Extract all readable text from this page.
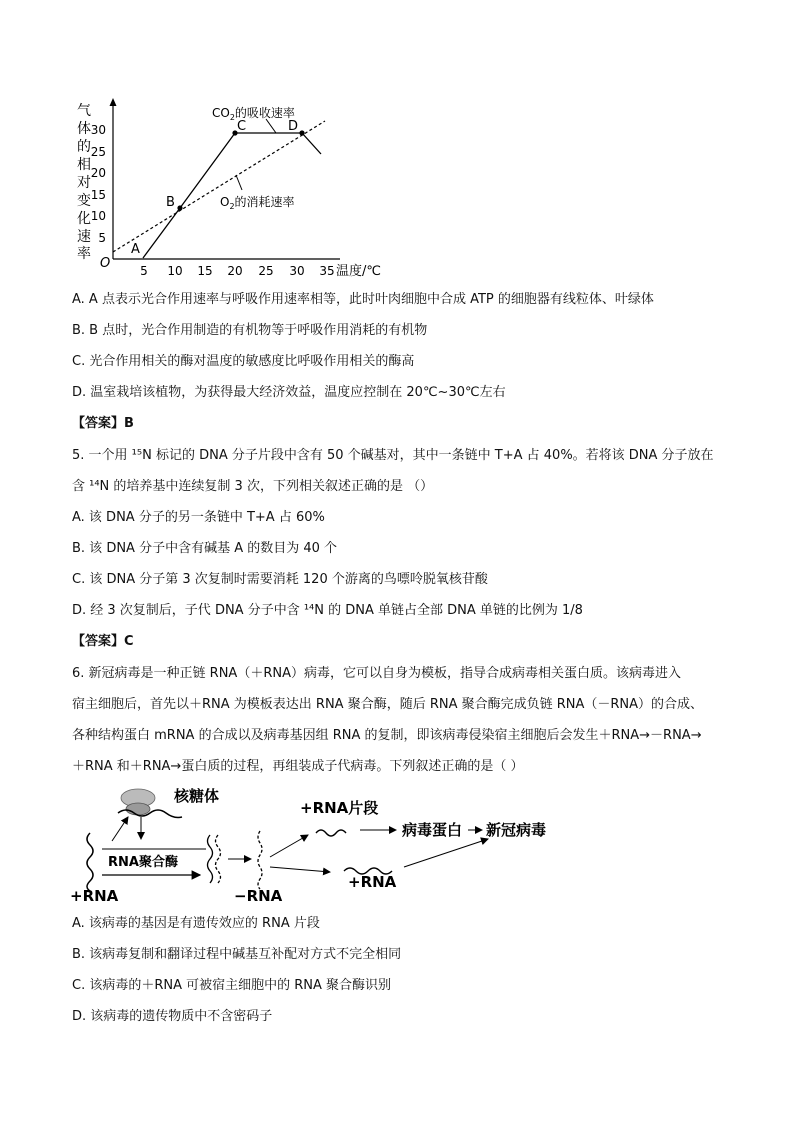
气
体
的
相
对
变
化
速
率
30
25
20
15
10
5
O 5 10 15 20 25 30 35 温度/℃
A
B
C	D
$CO_2$的吸收速率
$O_2$的消耗速率
A. A 点表示光合作用速率与呼吸作用速率相等，此时叶肉细胞中合成 ATP 的细胞器有线粒体、叶绿体
B. B 点时，光合作用制造的有机物等于呼吸作用消耗的有机物
C. 光合作用相关的酶对温度的敏感度比呼吸作用相关的酶高
D. 温室栽培该植物，为获得最大经济效益，温度应控制在 20℃~30℃左右
【答案】B
5. 一个用 ¹⁵N 标记的 DNA 分子片段中含有 50 个碱基对，其中一条链中 T+A 占 40%。若将该 DNA 分子放在
含 ¹⁴N 的培养基中连续复制 3 次，下列相关叙述正确的是 （）
A. 该 DNA 分子的另一条链中 T+A 占 60%
B. 该 DNA 分子中含有碱基 A 的数目为 40 个
C. 该 DNA 分子第 3 次复制时需要消耗 120 个游离的鸟嘌呤脱氧核苷酸
D. 经 3 次复制后，子代 DNA 分子中含 ¹⁴N 的 DNA 单链占全部 DNA 单链的比例为 1/8
【答案】C
6. 新冠病毒是一种正链 RNA（＋RNA）病毒，它可以自身为模板，指导合成病毒相关蛋白质。该病毒进入
宿主细胞后，首先以＋RNA 为模板表达出 RNA 聚合酶，随后 RNA 聚合酶完成负链 RNA（－RNA）的合成、
各种结构蛋白 mRNA 的合成以及病毒基因组 RNA 的复制，即该病毒侵染宿主细胞后会发生＋RNA→－RNA→
＋RNA 和＋RNA→蛋白质的过程，再组装成子代病毒。下列叙述正确的是（ ）
核糖体
+RNA
RNA聚合酶
−RNA
+RNA片段
病毒蛋白 新冠病毒
+RNA
A. 该病毒的基因是有遗传效应的 RNA 片段
B. 该病毒复制和翻译过程中碱基互补配对方式不完全相同
C. 该病毒的＋RNA 可被宿主细胞中的 RNA 聚合酶识别
D. 该病毒的遗传物质中不含密码子
